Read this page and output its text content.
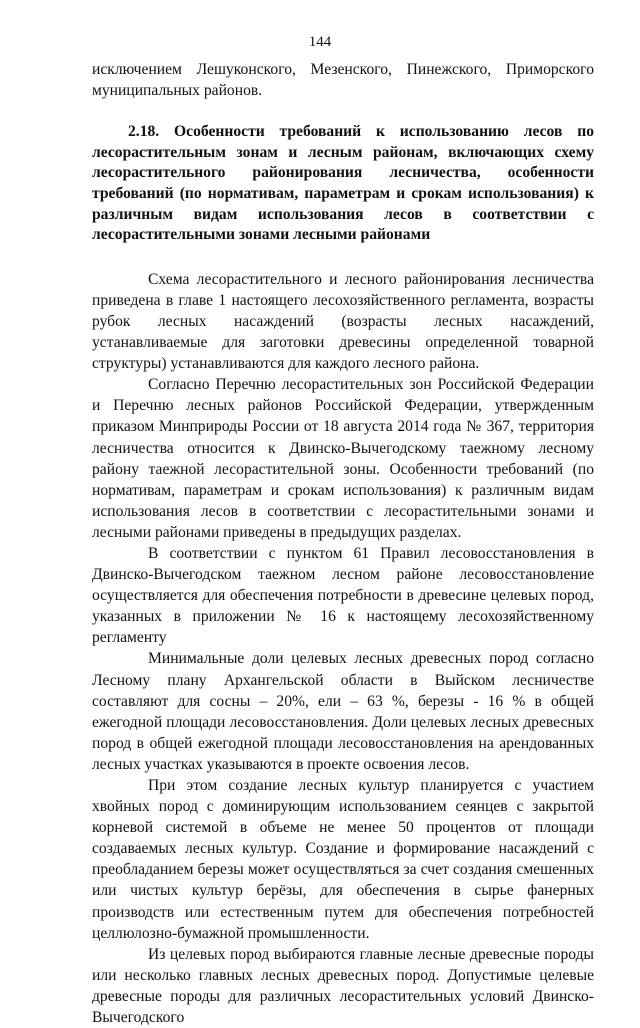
144

исключением Лешуконского, Мезенского, Пинежского, Приморского муниципальных районов.

2.18. Особенности требований к использованию лесов по лесорастительным зонам и лесным районам, включающих схему лесорастительного районирования лесничества, особенности требований (по нормативам, параметрам и срокам использования) к различным видам использования лесов в соответствии с лесорастительными зонами лесными районами

Схема лесорастительного и лесного районирования лесничества приведена в главе 1 настоящего лесохозяйственного регламента, возрасты рубок лесных насаждений (возрасты лесных насаждений, устанавливаемые для заготовки древесины определенной товарной структуры) устанавливаются для каждого лесного района.

Согласно Перечню лесорастительных зон Российской Федерации и Перечню лесных районов Российской Федерации, утвержденным приказом Минприроды России от 18 августа 2014 года № 367, территория лесничества относится к Двинско-Вычегодскому таежному лесному району таежной лесорастительной зоны. Особенности требований (по нормативам, параметрам и срокам использования) к различным видам использования лесов в соответствии с лесорастительными зонами и лесными районами приведены в предыдущих разделах.

В соответствии с пунктом 61 Правил лесовосстановления в Двинско-Вычегодском таежном лесном районе лесовосстановление осуществляется для обеспечения потребности в древесине целевых пород, указанных в приложении № 16 к настоящему лесохозяйственному регламенту

Минимальные доли целевых лесных древесных пород согласно Лесному плану Архангельской области в Выйском лесничестве составляют для сосны – 20%, ели – 63 %, березы - 16 % в общей ежегодной площади лесовосстановления. Доли целевых лесных древесных пород в общей ежегодной площади лесовосстановления на арендованных лесных участках указываются в проекте освоения лесов.

При этом создание лесных культур планируется с участием хвойных пород с доминирующим использованием сеянцев с закрытой корневой системой в объеме не менее 50 процентов от площади создаваемых лесных культур. Создание и формирование насаждений с преобладанием березы может осуществляться за счет создания смешенных или чистых культур берёзы, для обеспечения в сырье фанерных производств или естественным путем для обеспечения потребностей целлюлозно-бумажной промышленности.

Из целевых пород выбираются главные лесные древесные породы или несколько главных лесных древесных пород. Допустимые целевые древесные породы для различных лесорастительных условий Двинско-Вычегодского
